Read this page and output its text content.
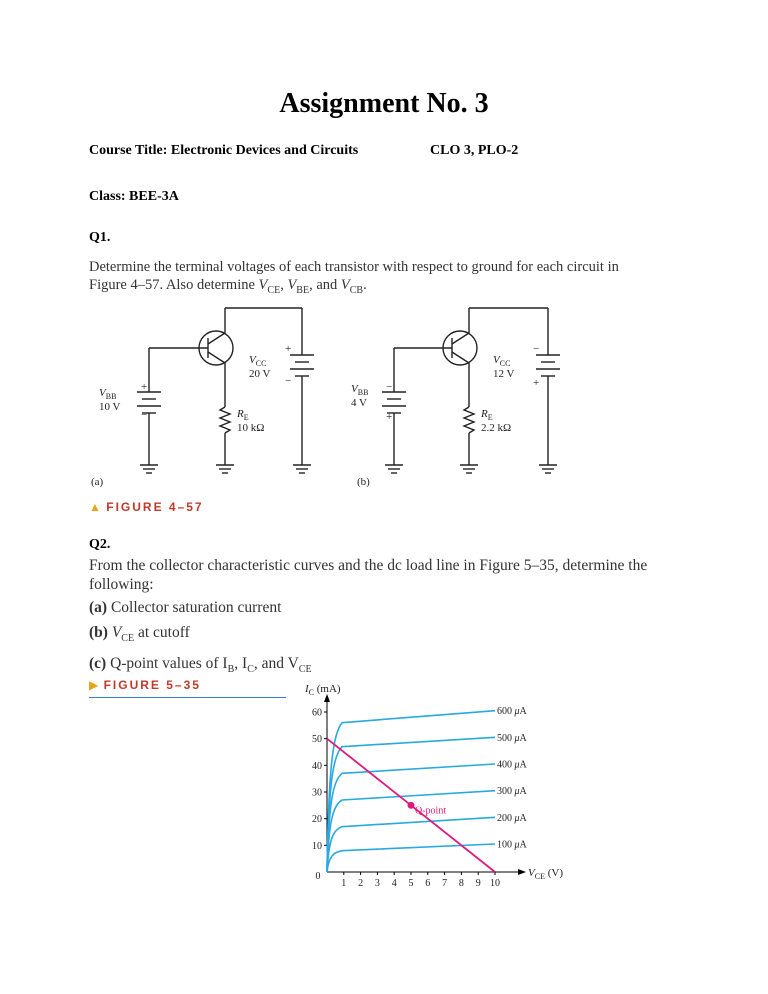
Assignment No. 3
Course Title: Electronic Devices and Circuits	CLO 3, PLO-2
Class: BEE-3A
Q1.
Determine the terminal voltages of each transistor with respect to ground for each circuit in
Figure 4–57. Also determine $V_{CE}$, $V_{BE}$, and $V_{CB}$.
+
−
+
−
$V_{CC}$
20 V
$V_{BB}$
10 V
$R_E$
10 kΩ
(a)
−
+
−
+
$V_{CC}$
12 V
$V_{BB}$
4 V
$R_E$
2.2 kΩ
(b)
▲ FIGURE 4–57
Q2.
From the collector characteristic curves and the dc load line in Figure 5–35, determine the
following:
(a) Collector saturation current
(b) $V_{CE}$ at cutoff
(c) Q-point values of $I_B$, $I_C$, and $V_{CE}$
▶ FIGURE 5–35
1 2 3 4 5 6 7 8 9 10
0
10
20
30
40
50
60
$I_C$ (mA)
$V_{CE}$ (V)
100 μA
200 μA
300 μA
400 μA
500 μA
600 μA
Q-point
